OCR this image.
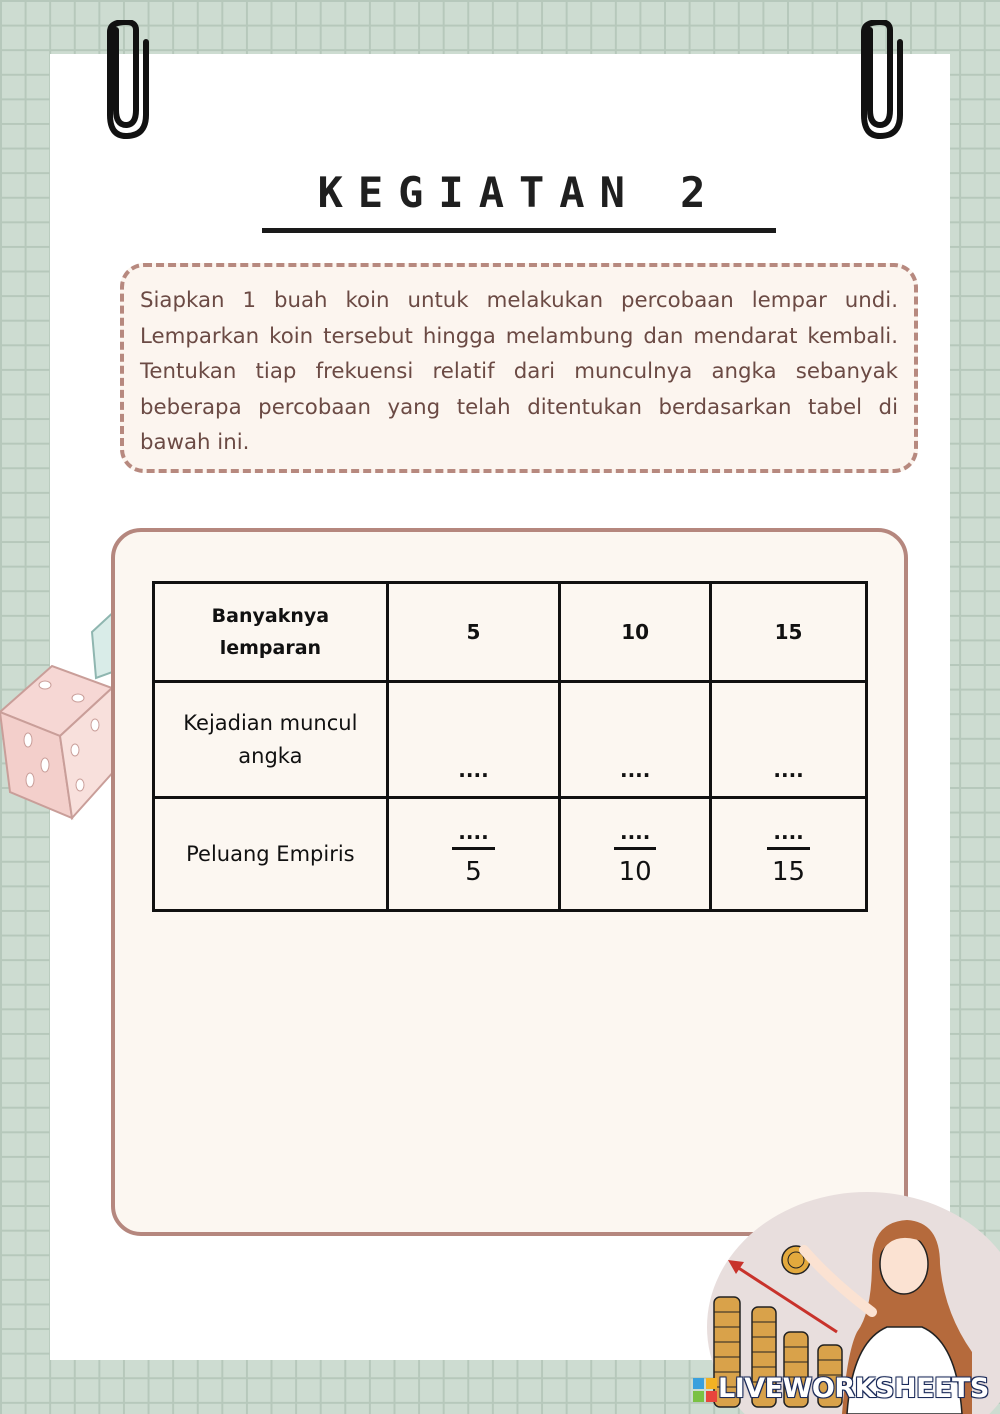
KEGIATAN 2
Siapkan 1 buah koin untuk melakukan percobaan lempar undi. Lemparkan koin tersebut hingga melambung dan mendarat kembali. Tentukan tiap frekuensi relatif dari munculnya angka sebanyak beberapa percobaan yang telah ditentukan berdasarkan tabel di bawah ini.
Banyaknya
lemparan	5	10	15
Kejadian muncul
angka	....	....	....
Peluang Empiris	$\frac{....}{5}$	$\frac{....}{10}$	$\frac{....}{15}$
LIVEWORKSHEETS
